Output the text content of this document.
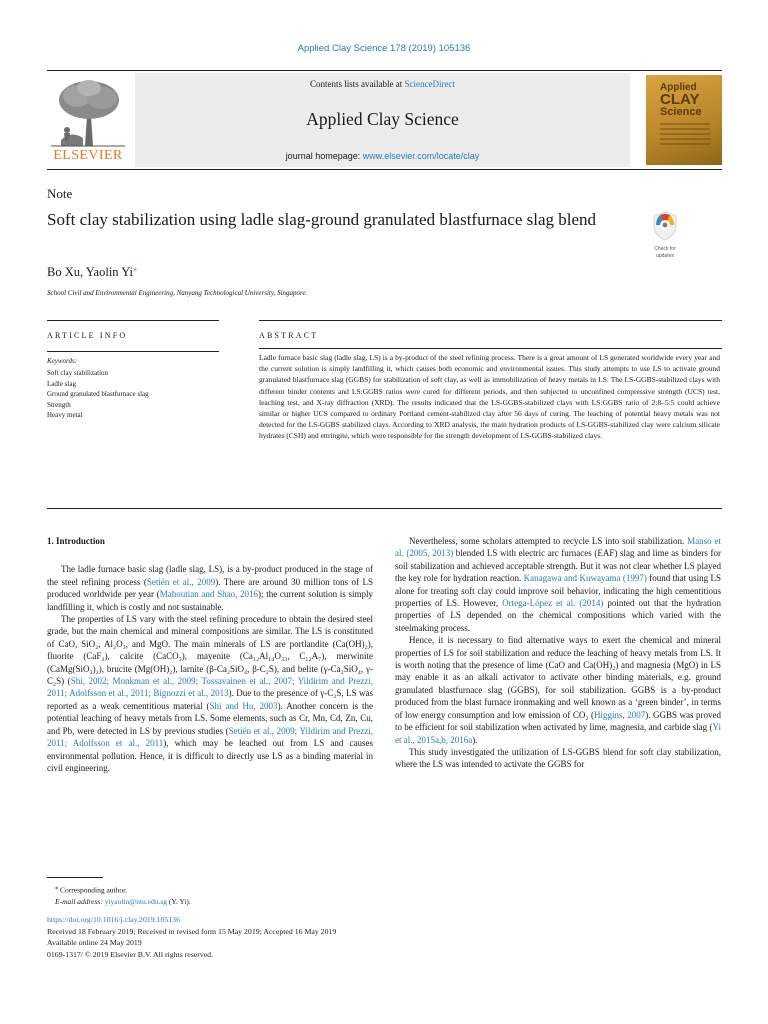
Applied Clay Science 178 (2019) 105136
ELSEVIER
Contents lists available at ScienceDirect
Applied Clay Science
journal homepage: www.elsevier.com/locate/clay
Applied
CLAY
Science
Note
Soft clay stabilization using ladle slag-ground granulated blastfurnace slag blend
Check for
updates
Bo Xu, Yaolin Yi⁎
School Civil and Environmental Engineering, Nanyang Technological University, Singapore.
ARTICLE INFO	ABSTRACT
Keywords:
Soft clay stabilization
Ladle slag
Ground granulated blastfurnace slag
Strength
Heavy metal
Ladle furnace basic slag (ladle slag, LS) is a by-product of the steel refining process. There is a great amount of LS generated worldwide every year and the current solution is simply landfilling it, which causes both economic and environmental issues. This study attempts to use LS to activate ground granulated blastfurnace slag (GGBS) for stabilization of soft clay, as well as immobilization of heavy metals in LS. The LS-GGBS-stabilized clays with different binder contents and LS:GGBS ratios were cured for different periods, and then subjected to unconfined compressive strength (UCS) test, leaching test, and X-ray diffraction (XRD). The results indicated that the LS-GGBS-stabilized clays with LS:GGBS ratio of 2:8–5:5 could achieve similar or higher UCS compared to ordinary Portland cement-stabilized clay after 56 days of curing. The leaching of potential heavy metals was not detected for the LS-GGBS stabilized clays. According to XRD analysis, the main hydration products of LS-GGBS-stabilized clay were calcium silicate hydrates (CSH) and ettringite, which were responsible for the strength development of LS-GGBS-stabilized clays.

1. Introduction

The ladle furnace basic slag (ladle slag, LS), is a by-product produced in the stage of the steel refining process (Setién et al., 2009). There are around 30 million tons of LS produced worldwide per year (Mahoutian and Shao, 2016); the current solution is simply landfilling it, which is costly and not sustainable.

The properties of LS vary with the steel refining procedure to obtain the desired steel grade, but the main chemical and mineral compositions are similar. The LS is constituted of CaO, SiO₂, Al₂O₃, and MgO. The main minerals of LS are portlandite (Ca(OH)₂), fluorite (CaF₂), calcite (CaCO₃), mayenite (Ca₁₂Al₁₄O₃₃, C₁₂A₇), merwinite (CaMg(SiO₃)₂), brucite (Mg(OH)₂), larnite (β-Ca₂SiO₄, β-C₂S), and belite (γ-Ca₂SiO₄, γ-C₂S) (Shi, 2002; Monkman et al., 2009; Tossavainen et al., 2007; Yildirim and Prezzi, 2011; Adolfsson et al., 2011; Bignozzi et al., 2013). Due to the presence of γ-C₂S, LS was reported as a weak cementitious material (Shi and Hu, 2003). Another concern is the potential leaching of heavy metals from LS. Some elements, such as Cr, Mn, Cd, Zn, Cu, and Pb, were detected in LS by previous studies (Setién et al., 2009; Yildirim and Prezzi, 2011; Adolfsson et al., 2011), which may be leached out from LS and causes environmental pollution. Hence, it is difficult to directly use LS as a binding material in civil engineering.

Nevertheless, some scholars attempted to recycle LS into soil stabilization. Manso et al. (2005, 2013) blended LS with electric arc furnaces (EAF) slag and lime as binders for soil stabilization and achieved acceptable strength. But it was not clear whether LS played the key role for hydration reaction. Kanagawa and Kuwayama (1997) found that using LS alone for treating soft clay could improve soil behavior, indicating the high cementitious properties of LS. However, Ortega-López et al. (2014) pointed out that the hydration properties of LS depended on the chemical compositions which varied with the steelmaking process.

Hence, it is necessary to find alternative ways to exert the chemical and mineral properties of LS for soil stabilization and reduce the leaching of heavy metals from LS. It is worth noting that the presence of lime (CaO and Ca(OH)₂) and magnesia (MgO) in LS may enable it as an alkali activator to activate other binding materials, e.g. ground granulated blastfurnace slag (GGBS), for soil stabilization. GGBS is a by-product produced from the blast furnace ironmaking and well known as a ‘green binder’, in terms of low energy consumption and low emission of CO₂ (Higgins, 2007). GGBS was proved to be efficient for soil stabilization when activated by lime, magnesia, and carbide slag (Yi et al., 2015a,b, 2016a).

This study investigated the utilization of LS-GGBS blend for soft clay stabilization, where the LS was intended to activate the GGBS for

⁎ Corresponding author.
E-mail address: yiyaolin@ntu.edu.sg (Y. Yi).
https://doi.org/10.1016/j.clay.2019.105136
Received 18 February 2019; Received in revised form 15 May 2019; Accepted 16 May 2019
Available online 24 May 2019
0169-1317/ © 2019 Elsevier B.V. All rights reserved.
